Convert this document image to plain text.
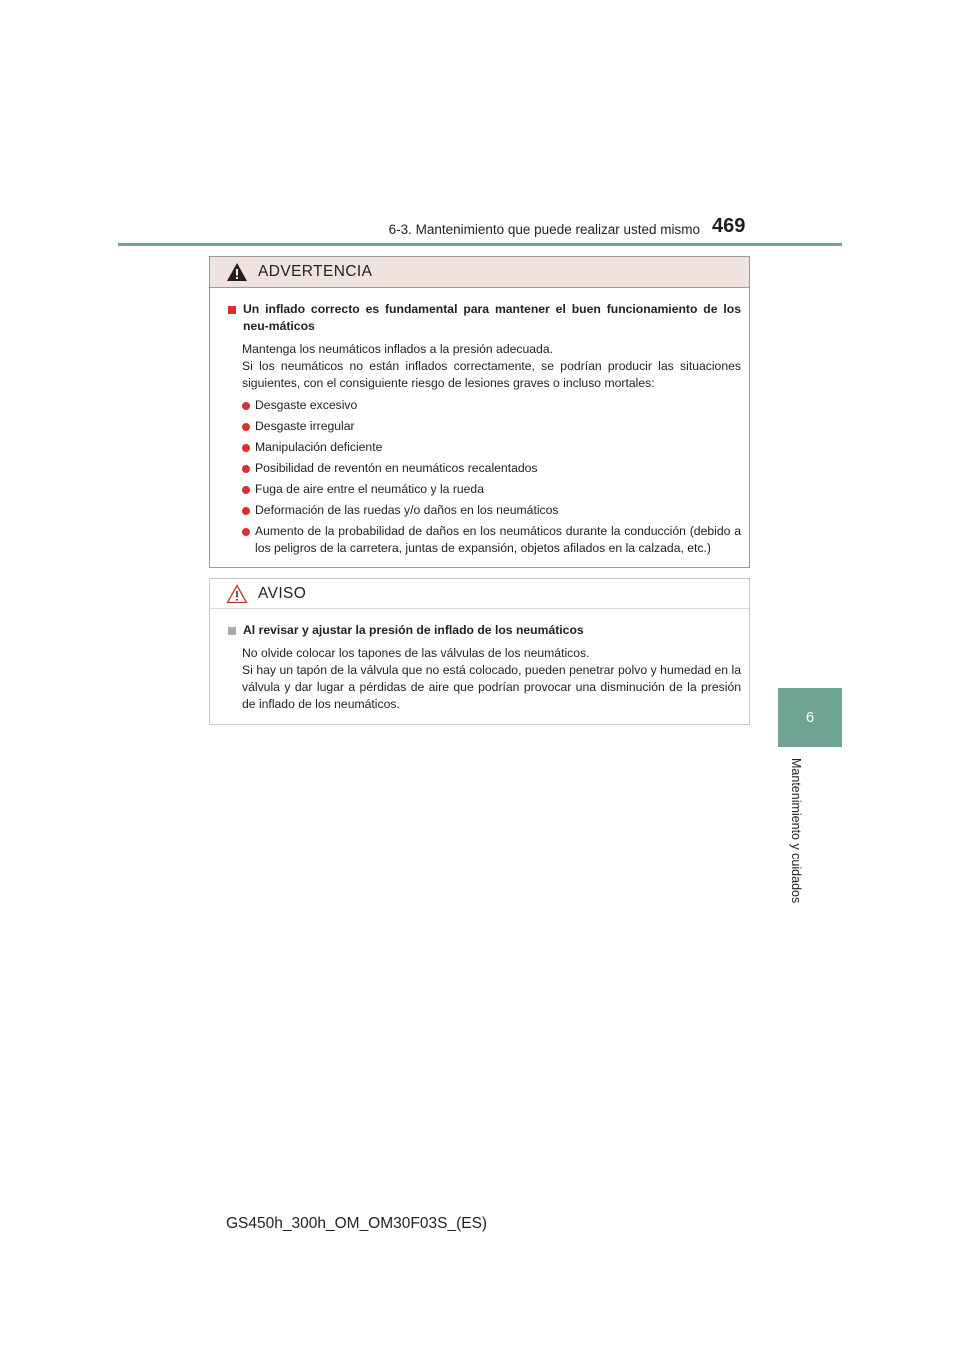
6-3. Mantenimiento que puede realizar usted mismo 469
6
Mantenimiento y cuidados
ADVERTENCIA
Un inflado correcto es fundamental para mantener el buen funcionamiento de los neu-máticos
Mantenga los neumáticos inflados a la presión adecuada.
Si los neumáticos no están inflados correctamente, se podrían producir las situaciones siguientes, con el consiguiente riesgo de lesiones graves o incluso mortales:
Desgaste excesivo
Desgaste irregular
Manipulación deficiente
Posibilidad de reventón en neumáticos recalentados
Fuga de aire entre el neumático y la rueda
Deformación de las ruedas y/o daños en los neumáticos
Aumento de la probabilidad de daños en los neumáticos durante la conducción (debido a los peligros de la carretera, juntas de expansión, objetos afilados en la calzada, etc.)
AVISO
Al revisar y ajustar la presión de inflado de los neumáticos
No olvide colocar los tapones de las válvulas de los neumáticos.
Si hay un tapón de la válvula que no está colocado, pueden penetrar polvo y humedad en la válvula y dar lugar a pérdidas de aire que podrían provocar una disminución de la presión de inflado de los neumáticos.
GS450h_300h_OM_OM30F03S_(ES)
